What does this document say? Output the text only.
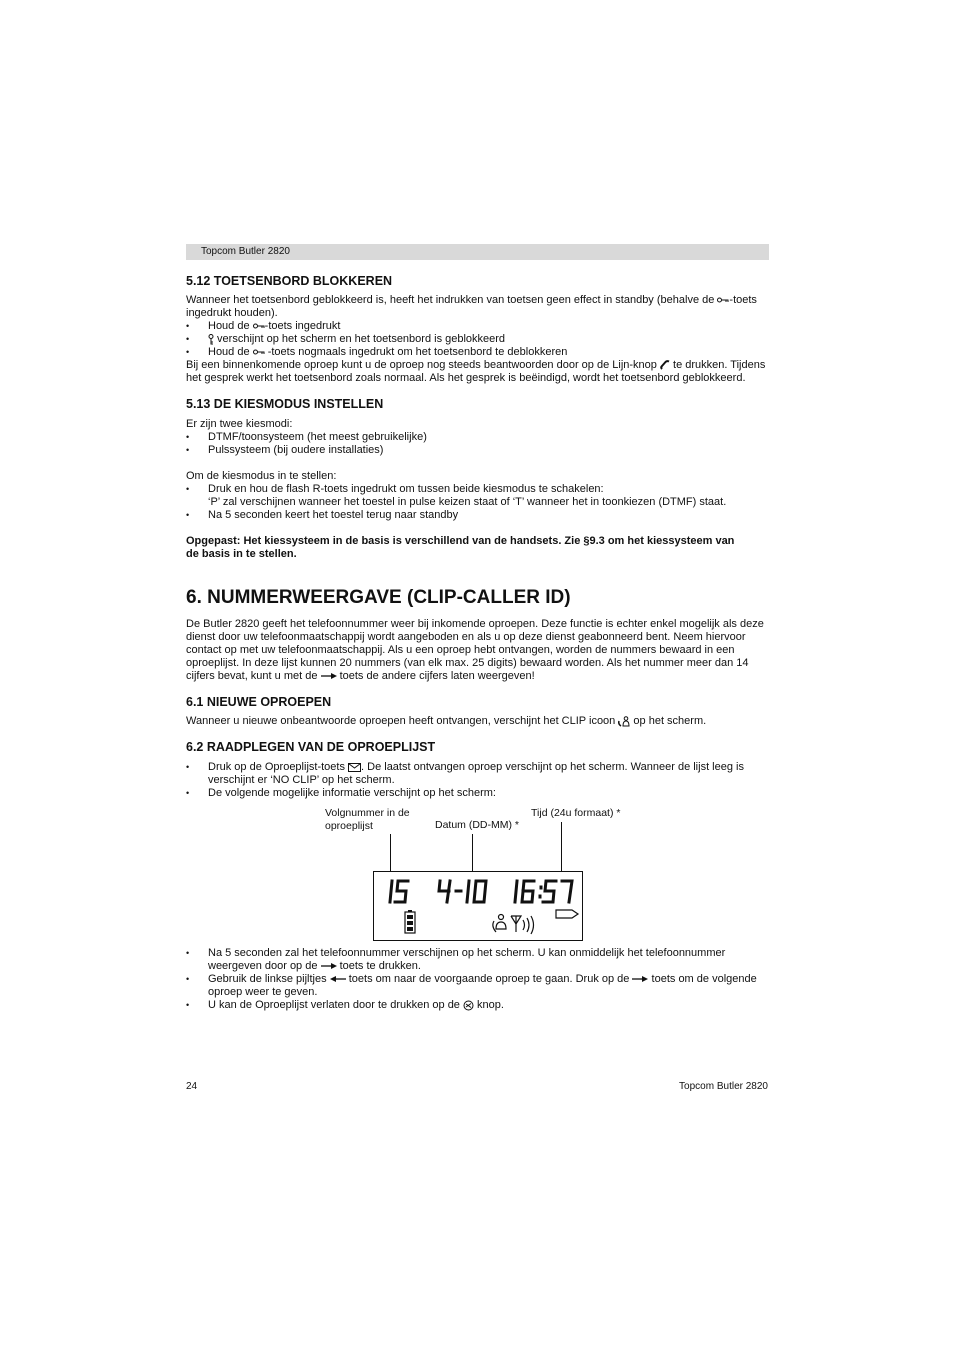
Topcom Butler 2820
5.12 TOETSENBORD BLOKKEREN

Wanneer het toetsenbord geblokkeerd is, heeft het indrukken van toetsen geen effect in standby (behalve de -toets ingedrukt houden).

• Houd de -toets ingedrukt
• verschijnt op het scherm en het toetsenbord is geblokkeerd
• Houd de  -toets nogmaals ingedrukt om het toetsenbord te deblokkeren

Bij een binnenkomende oproep kunt u de oproep nog steeds beantwoorden door op de Lijn-knop  te drukken. Tijdens het gesprek werkt het toetsenbord zoals normaal. Als het gesprek is beëindigd, wordt het toetsenbord geblokkeerd.

5.13 DE KIESMODUS INSTELLEN

Er zijn twee kiesmodi:

• DTMF/toonsysteem (het meest gebruikelijke)
• Pulssysteem (bij oudere installaties)

Om de kiesmodus in te stellen:

• Druk en hou de flash R-toets ingedrukt om tussen beide kiesmodus te schakelen:
‘P’ zal verschijnen wanneer het toestel in pulse keizen staat of ‘T’ wanneer het in toonkiezen (DTMF) staat.
• Na 5 seconden keert het toestel terug naar standby

Opgepast: Het kiessysteem in de basis is verschillend van de handsets. Zie §9.3 om het kiessysteem van de basis in te stellen.

6. NUMMERWEERGAVE (CLIP-CALLER ID)

De Butler 2820 geeft het telefoonnummer weer bij inkomende oproepen. Deze functie is echter enkel mogelijk als deze dienst door uw telefoonmaatschappij wordt aangeboden en als u op deze dienst geabonneerd bent. Neem hiervoor contact op met uw telefoonmaatschappij. Als u een oproep hebt ontvangen, worden de nummers bewaard in een oproeplijst. In deze lijst kunnen 20 nummers (van elk max. 25 digits) bewaard worden. Als het nummer meer dan 14 cijfers bevat, kunt u met de  toets de andere cijfers laten weergeven!

6.1 NIEUWE OPROEPEN

Wanneer u nieuwe onbeantwoorde oproepen heeft ontvangen, verschijnt het CLIP icoon  op het scherm.

6.2 RAADPLEGEN VAN DE OPROEPLIJST
• Druk op de Oproeplijst-toets . De laatst ontvangen oproep verschijnt op het scherm. Wanneer de lijst leeg is verschijnt er ‘NO CLIP’ op het scherm.
• De volgende mogelijke informatie verschijnt op het scherm:
Volgnummer in de oproeplijst	Datum (DD-MM) *
Tijd (24u formaat) *
• Na 5 seconden zal het telefoonnummer verschijnen op het scherm. U kan onmiddelijk het telefoonnummer weergeven door op de  toets te drukken.
• Gebruik de linkse pijltjes  toets om naar de voorgaande oproep te gaan. Druk op de  toets om de volgende oproep weer te geven.
• U kan de Oproeplijst verlaten door te drukken op de  knop.
24	Topcom Butler 2820
